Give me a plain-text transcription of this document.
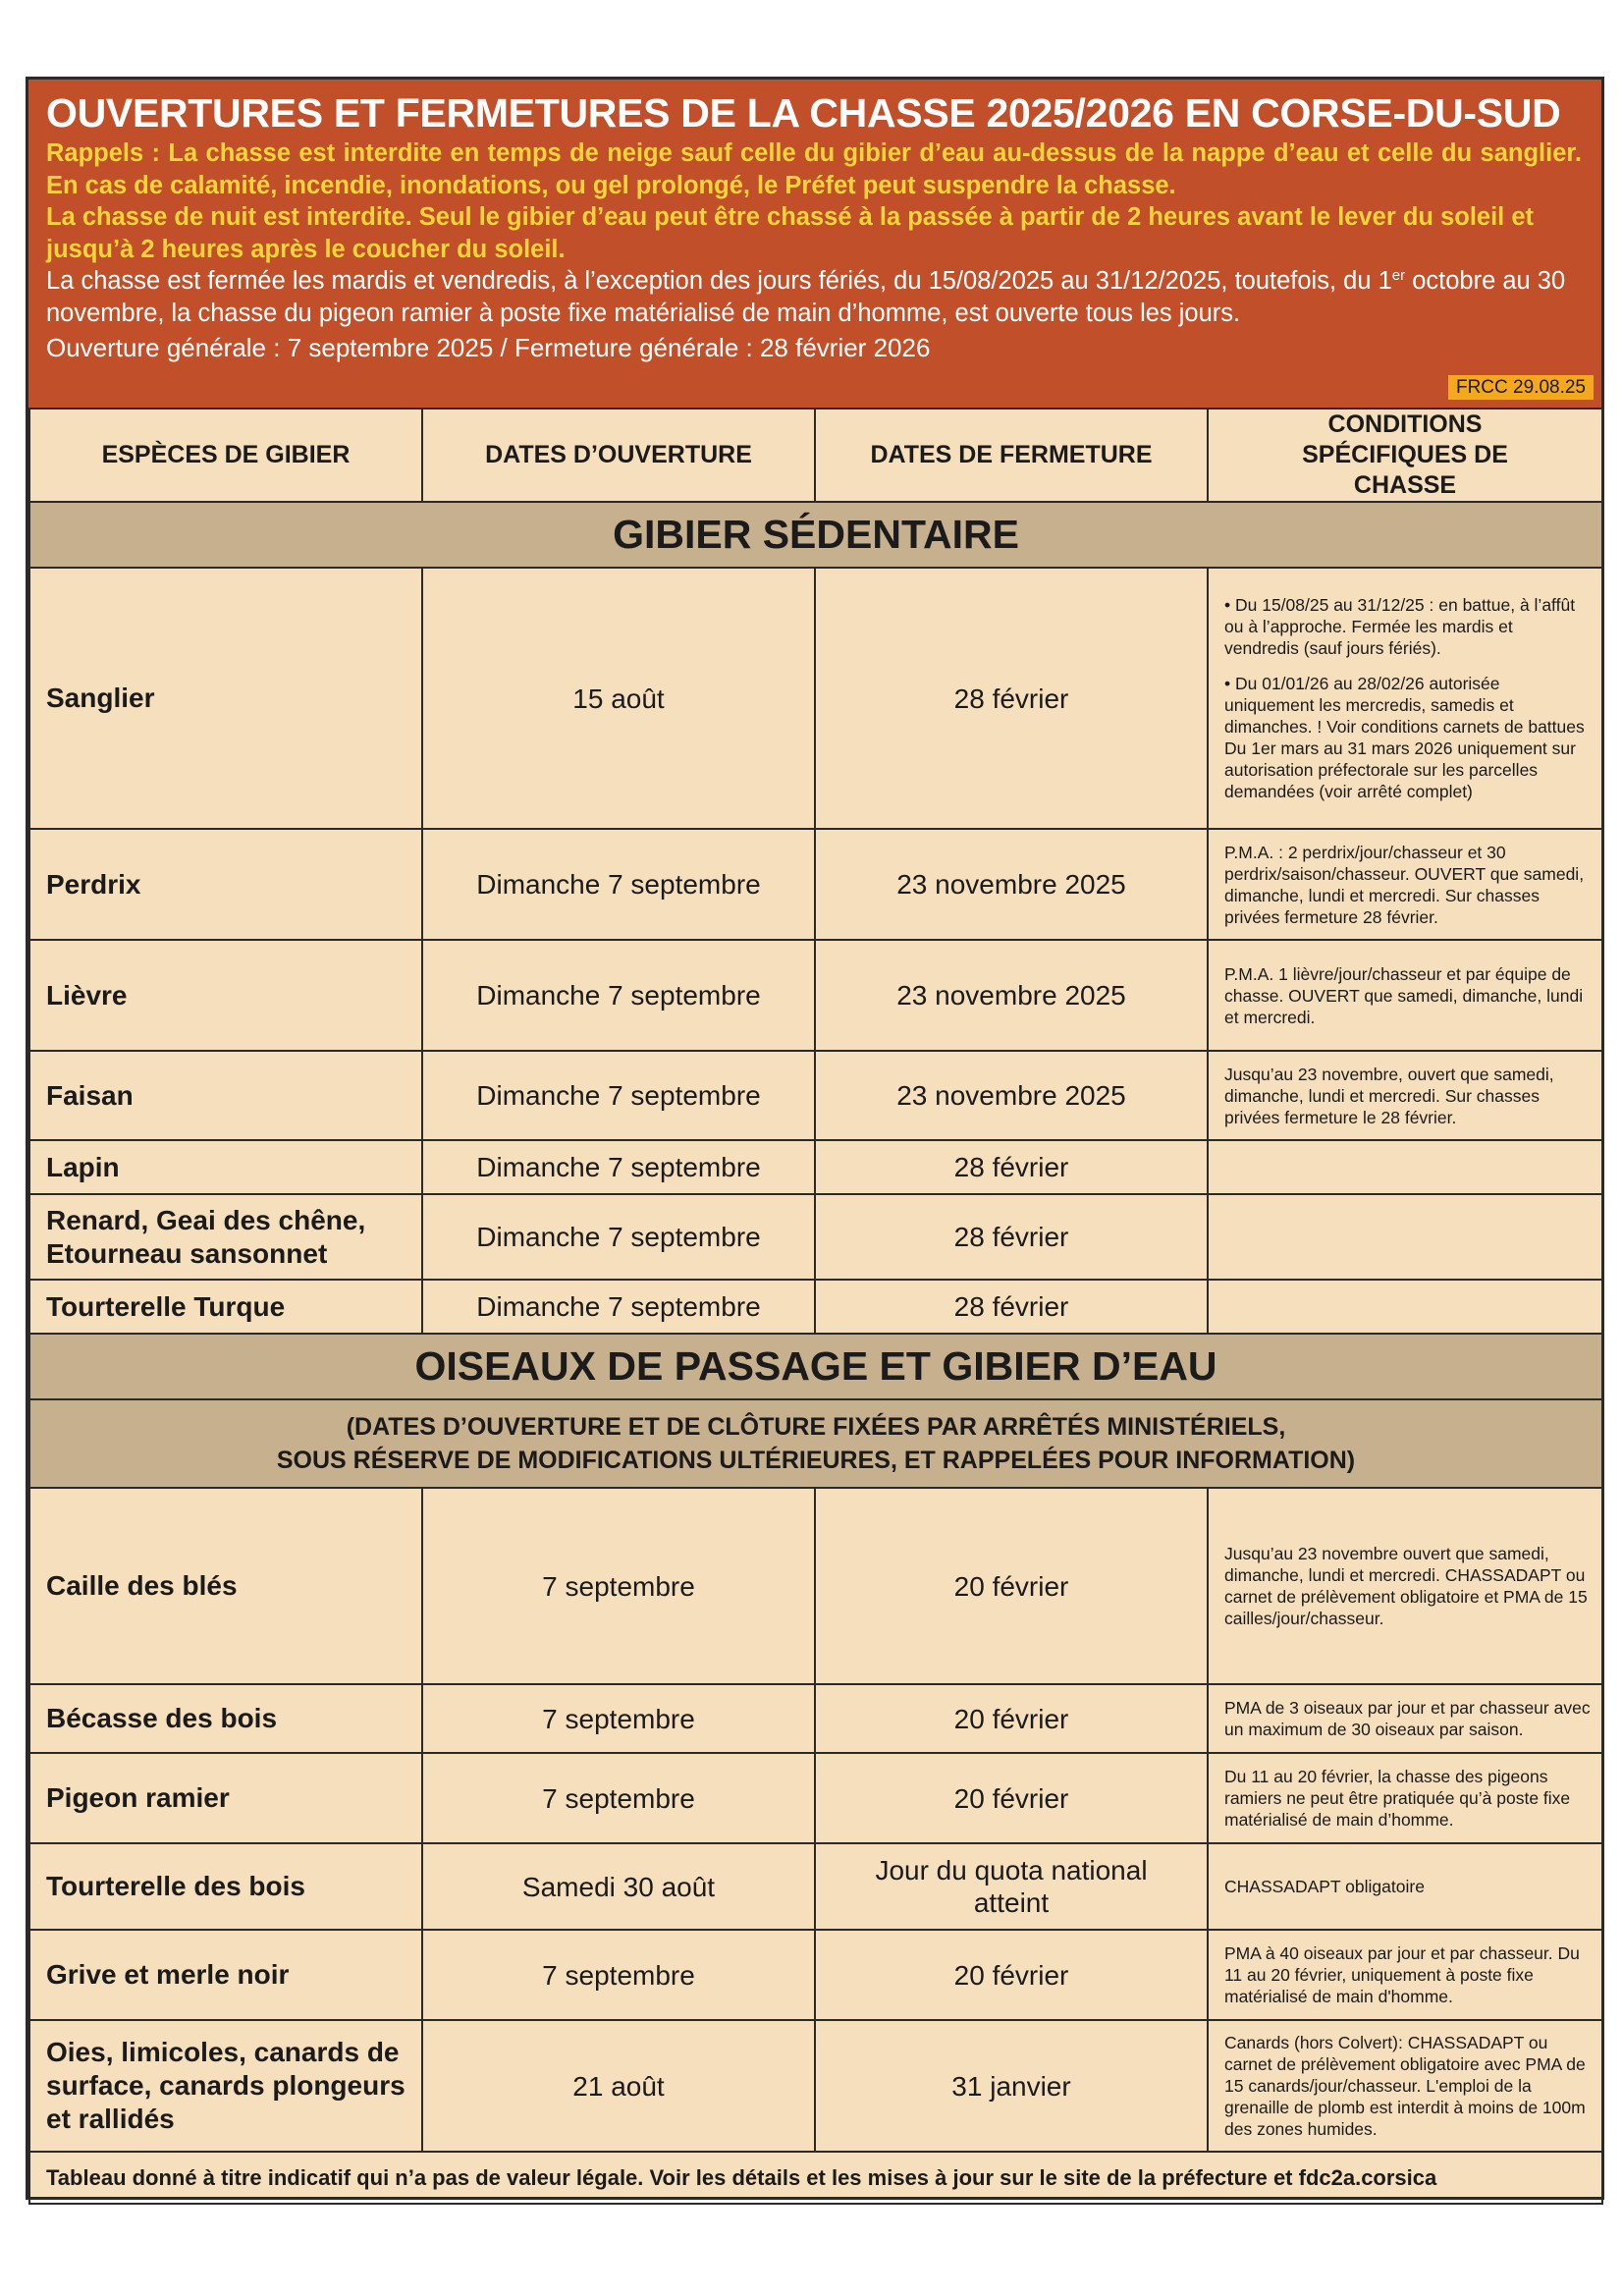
OUVERTURES ET FERMETURES DE LA CHASSE 2025/2026 EN CORSE-DU-SUD
Rappels : La chasse est interdite en temps de neige sauf celle du gibier d’eau au-dessus de la nappe d’eau et celle du sanglier. En cas de calamité, incendie, inondations, ou gel prolongé, le Préfet peut suspendre la chasse.
La chasse de nuit est interdite. Seul le gibier d’eau peut être chassé à la passée à partir de 2 heures avant le lever du soleil et jusqu’à 2 heures après le coucher du soleil.
La chasse est fermée les mardis et vendredis, à l’exception des jours fériés, du 15/08/2025 au 31/12/2025, toutefois, du 1er octobre au 30 novembre, la chasse du pigeon ramier à poste fixe matérialisé de main d’homme, est ouverte tous les jours.
Ouverture générale : 7 septembre 2025 / Fermeture générale : 28 février 2026
FRCC 29.08.25
ESPÈCES DE GIBIER	DATES D’OUVERTURE	DATES DE FERMETURE	CONDITIONS SPÉCIFIQUES DE CHASSE
GIBIER SÉDENTAIRE			
Sanglier	15 août	28 février	• Du 15/08/25 au 31/12/25 : en battue, à l’affût ou à l’approche. Fermée les mardis et vendredis (sauf jours fériés).
• Du 01/01/26 au 28/02/26 autorisée uniquement les mercredis, samedis et dimanches. ! Voir conditions carnets de battues Du 1er mars au 31 mars 2026 uniquement sur autorisation préfectorale sur les parcelles demandées (voir arrêté complet)

Perdrix	Dimanche 7 septembre	23 novembre 2025	P.M.A. : 2 perdrix/jour/chasseur et 30 perdrix/saison/chasseur. OUVERT que samedi, dimanche, lundi et mercredi. Sur chasses privées fermeture 28 février.

Lièvre	Dimanche 7 septembre	23 novembre 2025	P.M.A. 1 lièvre/jour/chasseur et par équipe de chasse. OUVERT que samedi, dimanche, lundi et mercredi.

Faisan	Dimanche 7 septembre	23 novembre 2025	Jusqu’au 23 novembre, ouvert que samedi, dimanche, lundi et mercredi. Sur chasses privées fermeture le 28 février.

Lapin	Dimanche 7 septembre	28 février	
Renard, Geai des chêne, Etourneau sansonnet	Dimanche 7 septembre	28 février	
Tourterelle Turque	Dimanche 7 septembre	28 février	
OISEAUX DE PASSAGE ET GIBIER D’EAU			

(DATES D’OUVERTURE ET DE CLÔTURE FIXÉES PAR ARRÊTÉS MINISTÉRIELS,
SOUS RÉSERVE DE MODIFICATIONS ULTÉRIEURES, ET RAPPELÉES POUR INFORMATION)			

Caille des blés	7 septembre	20 février	Jusqu’au 23 novembre ouvert que samedi, dimanche, lundi et mercredi. CHASSADAPT ou carnet de prélèvement obligatoire et PMA de 15 cailles/jour/chasseur.

Bécasse des bois	7 septembre	20 février	PMA de 3 oiseaux par jour et par chasseur avec un maximum de 30 oiseaux par saison.

Pigeon ramier	7 septembre	20 février	Du 11 au 20 février, la chasse des pigeons ramiers ne peut être pratiquée qu’à poste fixe matérialisé de main d’homme.

Tourterelle des bois	Samedi 30 août	Jour du quota national atteint	CHASSADAPT obligatoire

Grive et merle noir	7 septembre	20 février	PMA à 40 oiseaux par jour et par chasseur. Du 11 au 20 février, uniquement à poste fixe matérialisé de main d'homme.

Oies, limicoles, canards de surface, canards plongeurs et rallidés	21 août	31 janvier	Canards (hors Colvert): CHASSADAPT ou carnet de prélèvement obligatoire avec PMA de 15 canards/jour/chasseur. L'emploi de la grenaille de plomb est interdit à moins de 100m des zones humides.

Tableau donné à titre indicatif qui n’a pas de valeur légale. Voir les détails et les mises à jour sur le site de la préfecture et fdc2a.corsica			
